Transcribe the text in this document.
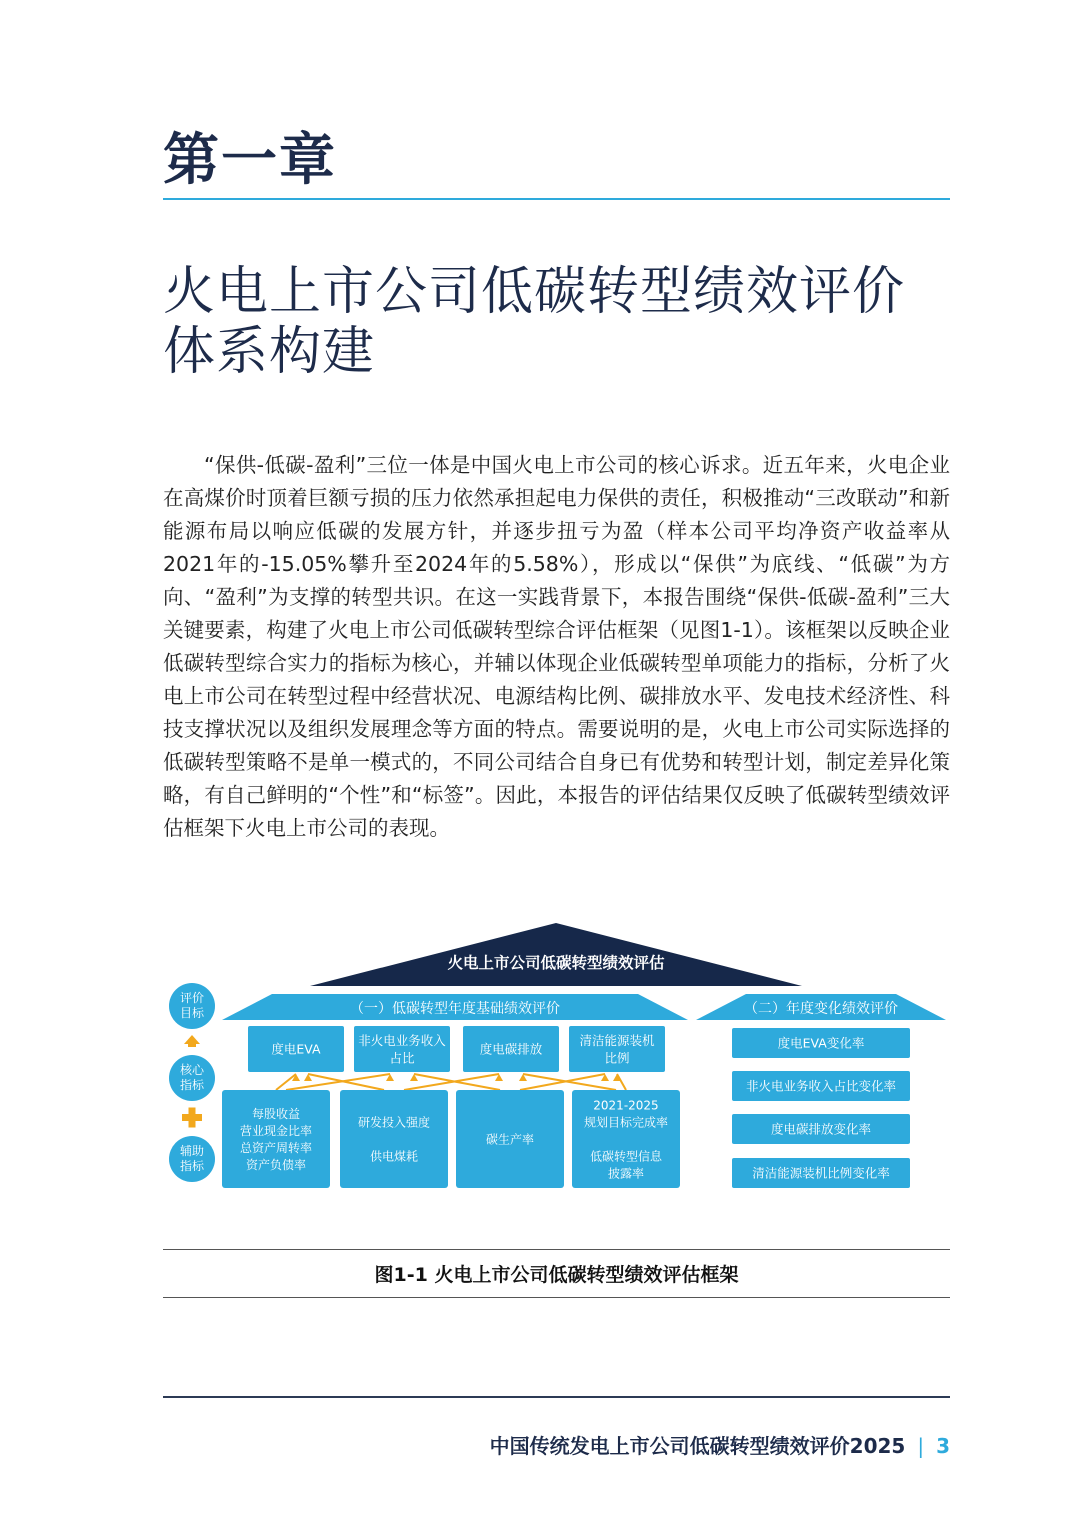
第一章
火电上市公司低碳转型绩效评价
体系构建
“保供-低碳-盈利”三位一体是中国火电上市公司的核心诉求。近五年来，火电企业在高煤价时顶着巨额亏损的压力依然承担起电力保供的责任，积极推动“三改联动”和新能源布局以响应低碳的发展方针，并逐步扭亏为盈（样本公司平均净资产收益率从2021年的-15.05%攀升至2024年的5.58%），形成以“保供”为底线、“低碳”为方向、“盈利”为支撑的转型共识。在这一实践背景下，本报告围绕“保供-低碳-盈利”三大关键要素，构建了火电上市公司低碳转型综合评估框架（见图1-1）。该框架以反映企业低碳转型综合实力的指标为核心，并辅以体现企业低碳转型单项能力的指标，分析了火电上市公司在转型过程中经营状况、电源结构比例、碳排放水平、发电技术经济性、科技支撑状况以及组织发展理念等方面的特点。需要说明的是，火电上市公司实际选择的低碳转型策略不是单一模式的，不同公司结合自身已有优势和转型计划，制定差异化策略，有自己鲜明的“个性”和“标签”。因此，本报告的评估结果仅反映了低碳转型绩效评估框架下火电上市公司的表现。
火电上市公司低碳转型绩效评估
（一）低碳转型年度基础绩效评价	（二）年度变化绩效评价
评价
目标
核心
指标
辅助
指标
度电EVA
非火电业务收入
占比
度电碳排放
清洁能源装机
比例
每股收益
营业现金比率
总资产周转率
资产负债率
研发投入强度
供电煤耗
碳生产率
2021-2025
规划目标完成率
低碳转型信息
披露率
度电EVA变化率
非火电业务收入占比变化率
度电碳排放变化率
清洁能源装机比例变化率
图1-1 火电上市公司低碳转型绩效评估框架
中国传统发电上市公司低碳转型绩效评价2025 | 3
